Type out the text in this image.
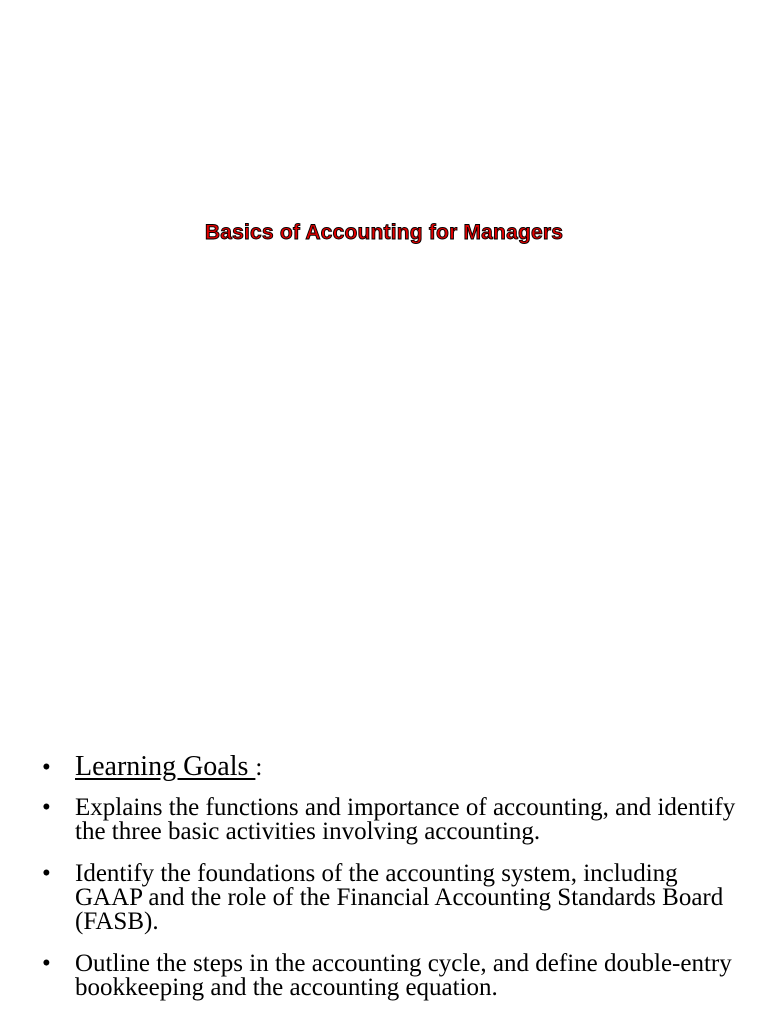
Basics of Accounting for Managers
• Learning Goals :
• Explains the functions and importance of accounting, and identify the three basic activities involving accounting.
• Identify the foundations of the accounting system, including GAAP and the role of the Financial Accounting Standards Board (FASB).
• Outline the steps in the accounting cycle, and define double-entry bookkeeping and the accounting equation.
